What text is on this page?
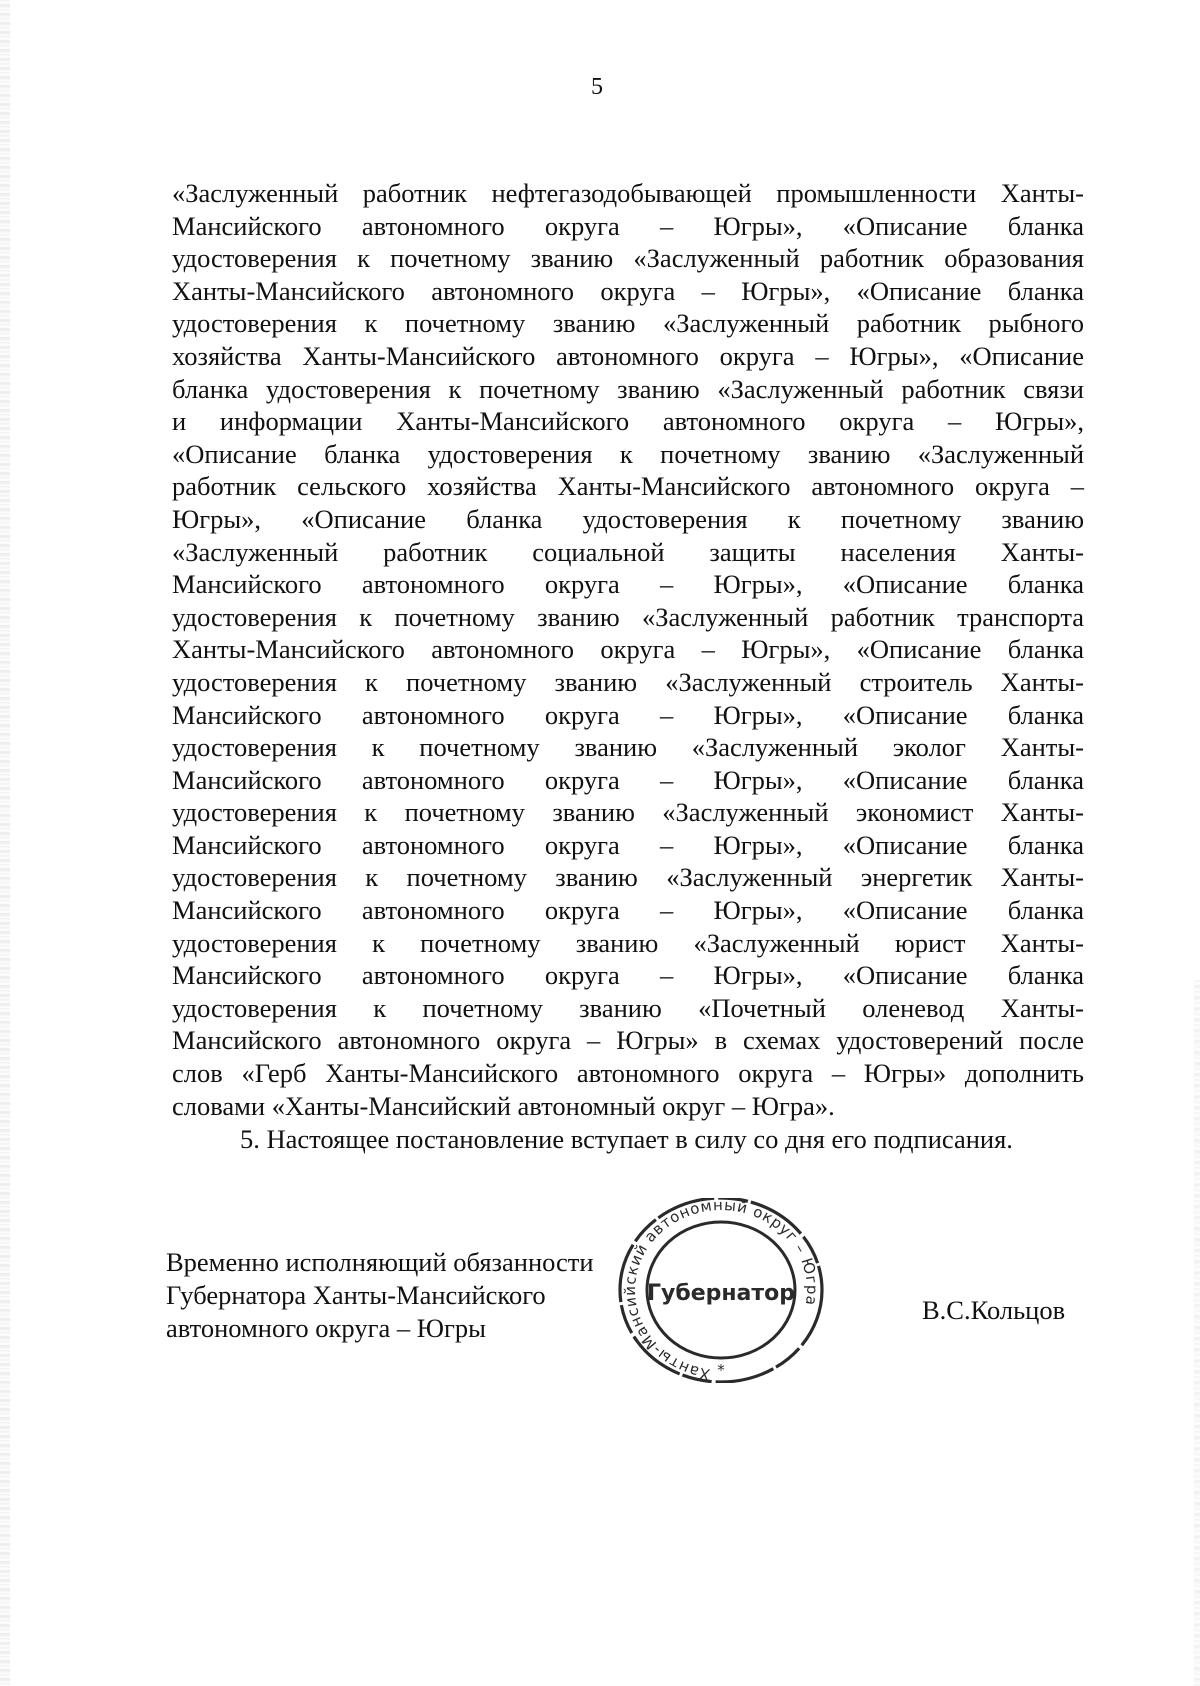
5
«Заслуженный работник нефтегазодобывающей промышленности Ханты-
Мансийского автономного округа – Югры», «Описание бланка
удостоверения к почетному званию «Заслуженный работник образования
Ханты-Мансийского автономного округа – Югры», «Описание бланка
удостоверения к почетному званию «Заслуженный работник рыбного
хозяйства Ханты-Мансийского автономного округа – Югры», «Описание
бланка удостоверения к почетному званию «Заслуженный работник связи
и информации Ханты-Мансийского автономного округа – Югры»,
«Описание бланка удостоверения к почетному званию «Заслуженный
работник сельского хозяйства Ханты-Мансийского автономного округа –
Югры», «Описание бланка удостоверения к почетному званию
«Заслуженный работник социальной защиты населения Ханты-
Мансийского автономного округа – Югры», «Описание бланка
удостоверения к почетному званию «Заслуженный работник транспорта
Ханты-Мансийского автономного округа – Югры», «Описание бланка
удостоверения к почетному званию «Заслуженный строитель Ханты-
Мансийского автономного округа – Югры», «Описание бланка
удостоверения к почетному званию «Заслуженный эколог Ханты-
Мансийского автономного округа – Югры», «Описание бланка
удостоверения к почетному званию «Заслуженный экономист Ханты-
Мансийского автономного округа – Югры», «Описание бланка
удостоверения к почетному званию «Заслуженный энергетик Ханты-
Мансийского автономного округа – Югры», «Описание бланка
удостоверения к почетному званию «Заслуженный юрист Ханты-
Мансийского автономного округа – Югры», «Описание бланка
удостоверения к почетному званию «Почетный оленевод Ханты-
Мансийского автономного округа – Югры» в схемах удостоверений после
слов «Герб Ханты-Мансийского автономного округа – Югры» дополнить
словами «Ханты-Мансийский автономный округ – Югра».
5. Настоящее постановление вступает в силу со дня его подписания.
Временно исполняющий обязанности
Губернатора Ханты-Мансийского
автономного округа – Югры
Ханты-Мансийский автономный округ – Югра
Губернатор
*
В.С.Кольцов
